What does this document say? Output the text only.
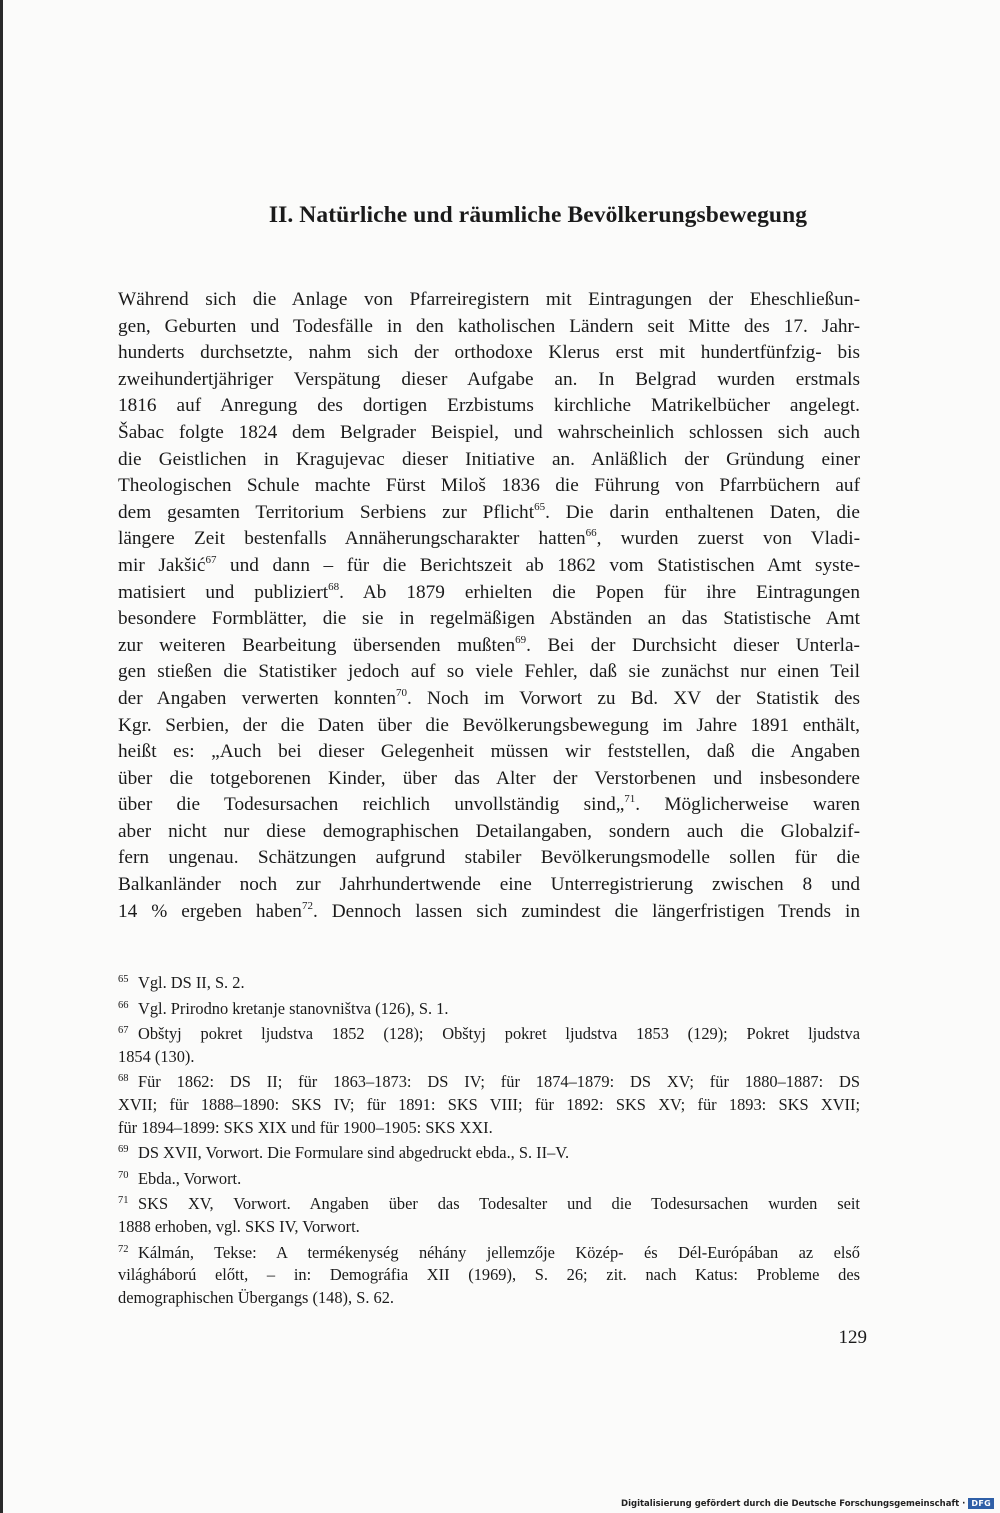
II. Natürliche und räumliche Bevölkerungsbewegung
Während sich die Anlage von Pfarreiregistern mit Eintragungen der Eheschließun-
gen, Geburten und Todesfälle in den katholischen Ländern seit Mitte des 17. Jahr-
hunderts durchsetzte, nahm sich der orthodoxe Klerus erst mit hundertfünfzig- bis
zweihundertjähriger Verspätung dieser Aufgabe an. In Belgrad wurden erstmals
1816 auf Anregung des dortigen Erzbistums kirchliche Matrikelbücher angelegt.
Šabac folgte 1824 dem Belgrader Beispiel, und wahrscheinlich schlossen sich auch
die Geistlichen in Kragujevac dieser Initiative an. Anläßlich der Gründung einer
Theologischen Schule machte Fürst Miloš 1836 die Führung von Pfarrbüchern auf
dem gesamten Territorium Serbiens zur Pflicht$^{65}$. Die darin enthaltenen Daten, die
längere Zeit bestenfalls Annäherungscharakter hatten$^{66}$, wurden zuerst von Vladi-
mir Jakšić$^{67}$ und dann – für die Berichtszeit ab 1862 vom Statistischen Amt syste-
matisiert und publiziert$^{68}$. Ab 1879 erhielten die Popen für ihre Eintragungen
besondere Formblätter, die sie in regelmäßigen Abständen an das Statistische Amt
zur weiteren Bearbeitung übersenden mußten$^{69}$. Bei der Durchsicht dieser Unterla-
gen stießen die Statistiker jedoch auf so viele Fehler, daß sie zunächst nur einen Teil
der Angaben verwerten konnten$^{70}$. Noch im Vorwort zu Bd. XV der Statistik des
Kgr. Serbien, der die Daten über die Bevölkerungsbewegung im Jahre 1891 enthält,
heißt es: „Auch bei dieser Gelegenheit müssen wir feststellen, daß die Angaben
über die totgeborenen Kinder, über das Alter der Verstorbenen und insbesondere
über die Todesursachen reichlich unvollständig sind„$^{71}$. Möglicherweise waren
aber nicht nur diese demographischen Detailangaben, sondern auch die Globalzif-
fern ungenau. Schätzungen aufgrund stabiler Bevölkerungsmodelle sollen für die
Balkanländer noch zur Jahrhundertwende eine Unterregistrierung zwischen 8 und
14 % ergeben haben$^{72}$. Dennoch lassen sich zumindest die längerfristigen Trends in
65 Vgl. DS II, S. 2.
66 Vgl. Prirodno kretanje stanovništva (126), S. 1.
67 Obštyj pokret ljudstva 1852 (128); Obštyj pokret ljudstva 1853 (129); Pokret ljudstva
1854 (130).
68 Für 1862: DS II; für 1863–1873: DS IV; für 1874–1879: DS XV; für 1880–1887: DS
XVII; für 1888–1890: SKS IV; für 1891: SKS VIII; für 1892: SKS XV; für 1893: SKS XVII;
für 1894–1899: SKS XIX und für 1900–1905: SKS XXI.
69 DS XVII, Vorwort. Die Formulare sind abgedruckt ebda., S. II–V.
70 Ebda., Vorwort.
71 SKS XV, Vorwort. Angaben über das Todesalter und die Todesursachen wurden seit
1888 erhoben, vgl. SKS IV, Vorwort.
72 Kálmán, Tekse: A termékenység néhány jellemzője Közép- és Dél-Európában az első
világháború előtt, – in: Demográfia XII (1969), S. 26; zit. nach Katus: Probleme des
demographischen Übergangs (148), S. 62.
129
Digitalisierung gefördert durch die Deutsche Forschungsgemeinschaft · DFG
